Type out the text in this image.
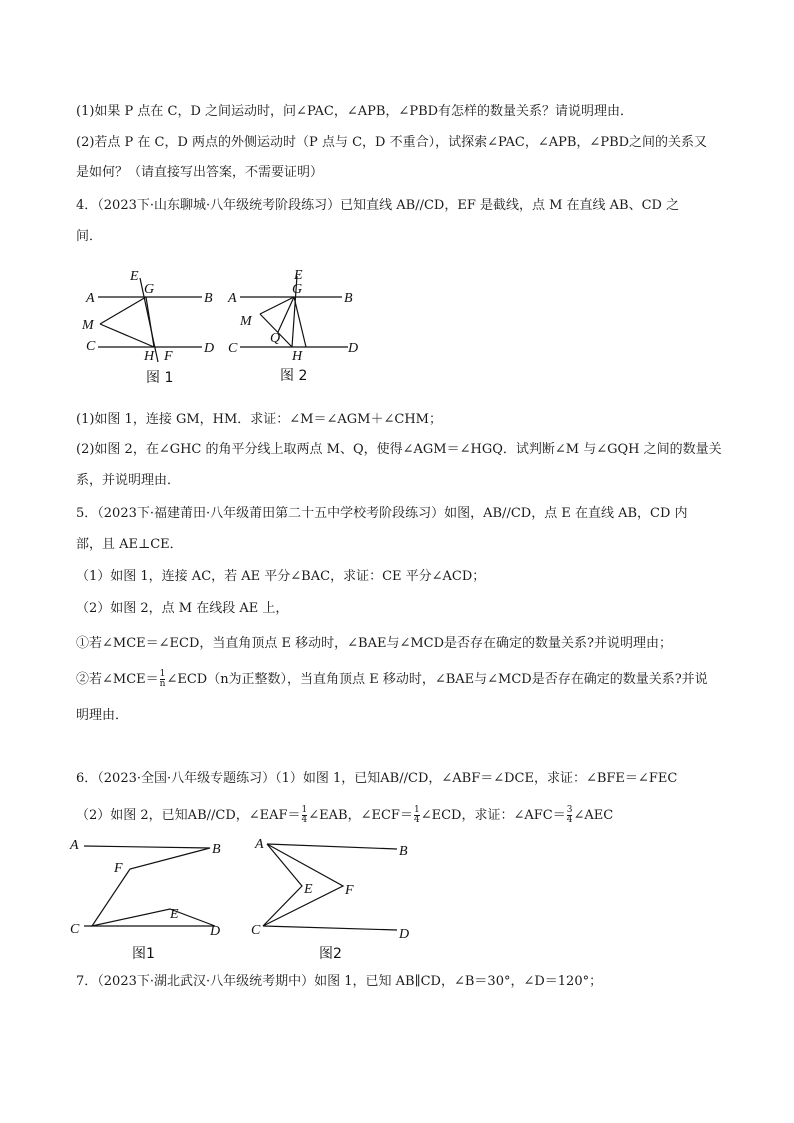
(1)如果 P 点在 C，D 之间运动时，问∠PAC，∠APB，∠PBD有怎样的数量关系？请说明理由．
(2)若点 P 在 C，D 两点的外侧运动时（P 点与 C，D 不重合），试探索∠PAC，∠APB，∠PBD之间的关系又
是如何？（请直接写出答案，不需要证明）
4．（2023下·山东聊城·八年级统考阶段练习）已知直线 AB//CD，EF 是截线，点 M 在直线 AB、CD 之
间．
A	B
C	D
E
G
M
H F
图 1
A	B
C	D
E
G
M
Q
H
图 2
(1)如图 1，连接 GM，HM．求证：∠M＝∠AGM＋∠CHM；
(2)如图 2，在∠GHC 的角平分线上取两点 M、Q，使得∠AGM＝∠HGQ．试判断∠M 与∠GQH 之间的数量关
系，并说明理由．
5．（2023下·福建莆田·八年级莆田第二十五中学校考阶段练习）如图，AB//CD，点 E 在直线 AB，CD 内
部，且 AE⊥CE．
（1）如图 1，连接 AC，若 AE 平分∠BAC，求证：CE 平分∠ACD；
（2）如图 2，点 M 在线段 AE 上，
①若∠MCE＝∠ECD，当直角顶点 E 移动时，∠BAE与∠MCD是否存在确定的数量关系?并说明理由；
②若∠MCE＝ $\frac{1}{n}$ ∠ECD（n为正整数），当直角顶点 E 移动时，∠BAE与∠MCD是否存在确定的数量关系?并说
明理由．
6．（2023·全国·八年级专题练习）（1）如图 1，已知AB//CD，∠ABF＝∠DCE，求证：∠BFE＝∠FEC
（2）如图 2，已知AB//CD，∠EAF＝ $\frac{1}{4}$ ∠EAB，∠ECF＝ $\frac{1}{4}$ ∠ECD，求证：∠AFC＝ $\frac{3}{4}$ ∠AEC
A	B
F
E
C	D
图1
A	B
E F
C	D
图2
7．（2023下·湖北武汉·八年级统考期中）如图 1，已知 AB∥CD，∠B＝30°，∠D＝120°；
